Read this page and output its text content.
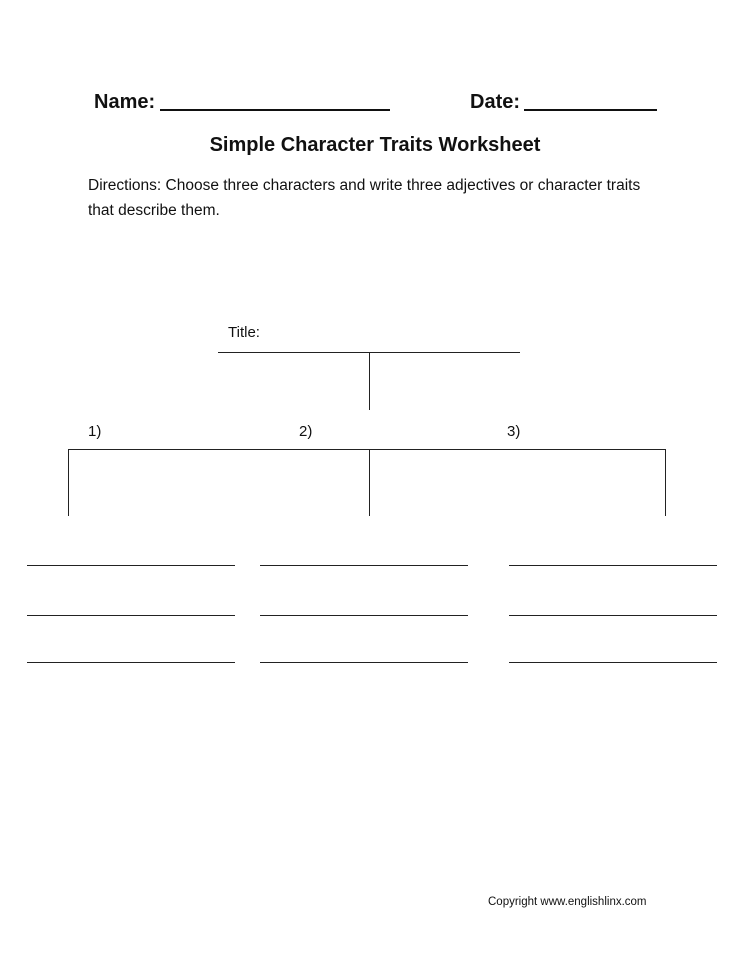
Name:	Date:
Simple Character Traits Worksheet
Directions: Choose three characters and write three adjectives or character traits
that describe them.
Title:
1)	2)	3)
Copyright www.englishlinx.com
